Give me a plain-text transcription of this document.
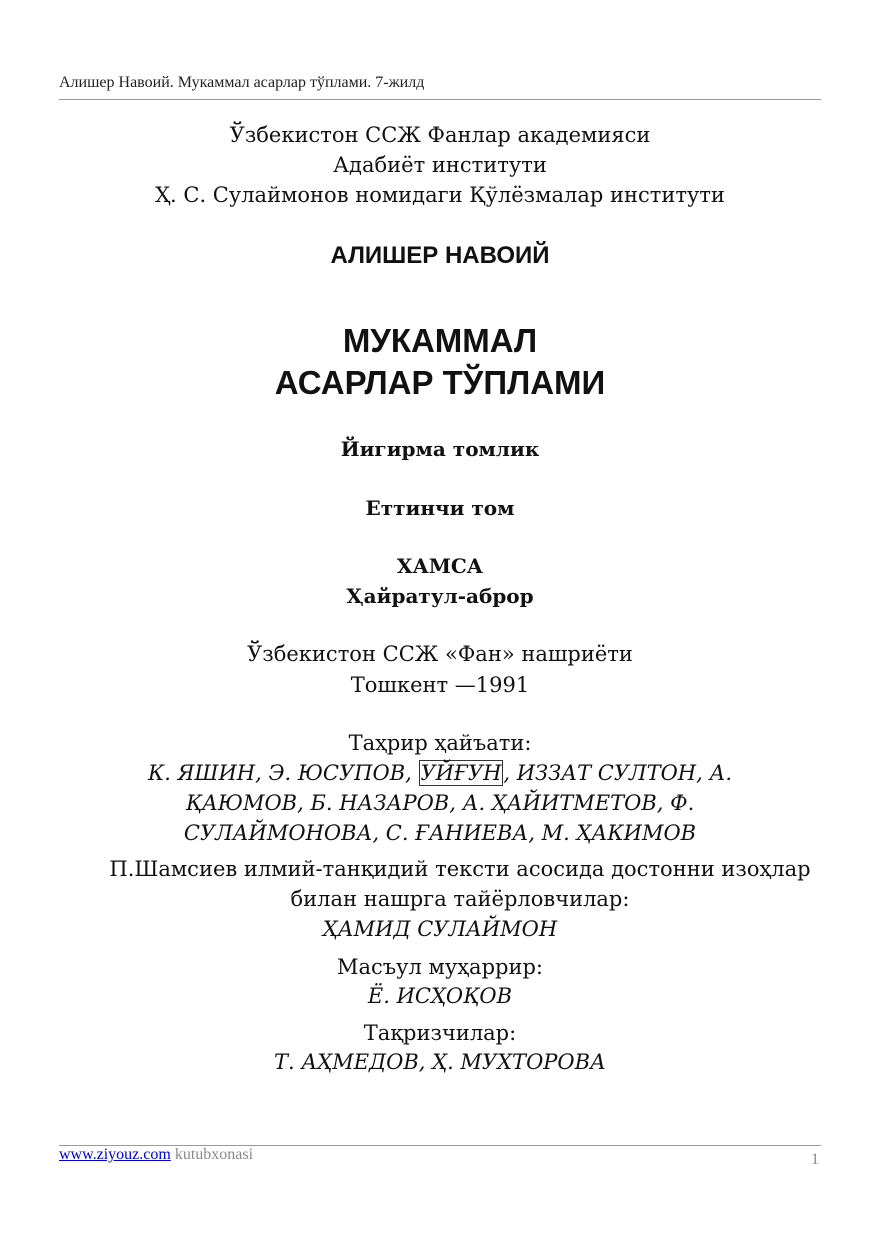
Алишер Навоий. Мукаммал асарлар тўплами. 7-жилд
Ўзбекистон ССЖ Фанлар академияси
Адабиёт институти
Ҳ. С. Сулаймонов номидаги Қўлёзмалар институти
АЛИШЕР НАВОИЙ
МУКАММАЛ
АСАРЛАР ТЎПЛАМИ
Йигирма томлик
Еттинчи том
ХАМСА
Ҳайратул-аброр
Ўзбекистон ССЖ «Фан» нашриёти
Тошкент —1991
Таҳрир ҳайъати:
К. ЯШИН, Э. ЮСУПОВ, УЙҒУН, ИЗЗАТ СУЛТОН, А. ҚАЮМОВ, Б. НАЗАРОВ, А. ҲАЙИТМЕТОВ, Ф. СУЛАЙМОНОВА, С. ҒАНИЕВА, М. ҲАКИМОВ
П.Шамсиев илмий-танқидий тексти асосида достонни изоҳлар билан нашрга тайёрловчилар:
ҲАМИД СУЛАЙМОН
Масъул муҳаррир:
Ё. ИСҲОҚОВ
Тақризчилар:
Т. АҲМЕДОВ, Ҳ. МУХТОРОВА
www.ziyouz.com kutubxonasi	1
